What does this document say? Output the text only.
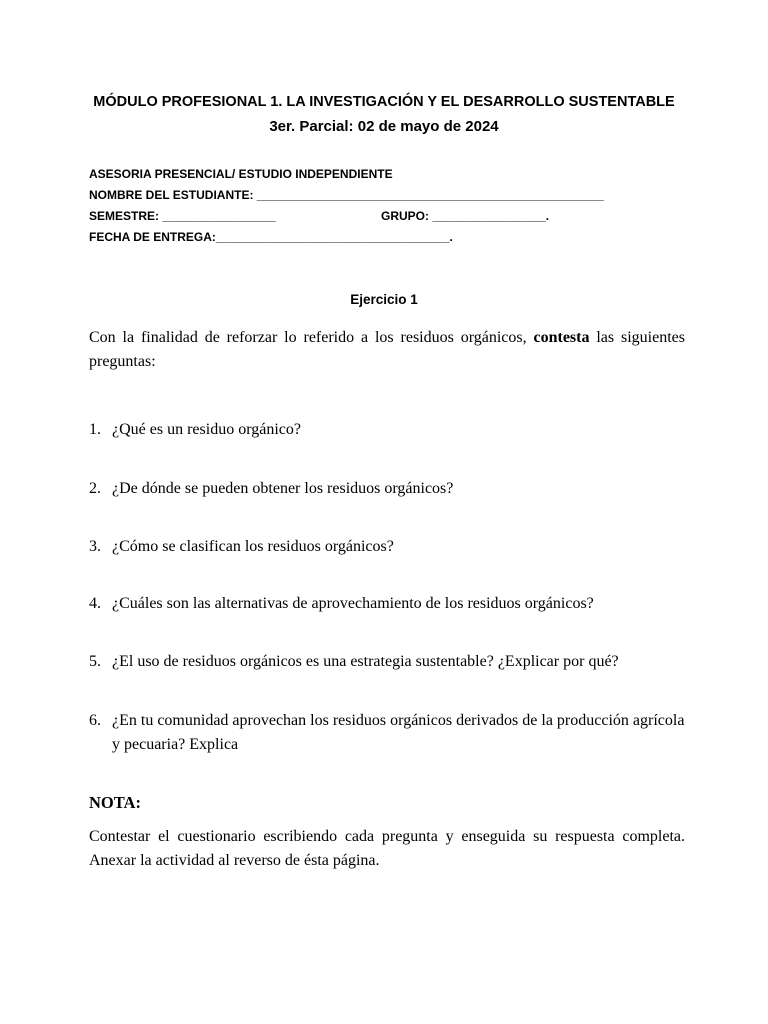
MÓDULO PROFESIONAL 1. LA INVESTIGACIÓN Y EL DESARROLLO SUSTENTABLE
3er. Parcial: 02 de mayo de 2024
ASESORIA PRESENCIAL/ ESTUDIO INDEPENDIENTE
NOMBRE DEL ESTUDIANTE: ____________________________________________________
SEMESTRE: _________________	GRUPO: _________________.
FECHA DE ENTREGA:___________________________________.
Ejercicio 1
Con la finalidad de reforzar lo referido a los residuos orgánicos, contesta las siguientes preguntas:
1. ¿Qué es un residuo orgánico?
2. ¿De dónde se pueden obtener los residuos orgánicos?
3. ¿Cómo se clasifican los residuos orgánicos?
4. ¿Cuáles son las alternativas de aprovechamiento de los residuos orgánicos?
5. ¿El uso de residuos orgánicos es una estrategia sustentable? ¿Explicar por qué?
6. ¿En tu comunidad aprovechan los residuos orgánicos derivados de la producción agrícola y pecuaria? Explica
NOTA:
Contestar el cuestionario escribiendo cada pregunta y enseguida su respuesta completa. Anexar la actividad al reverso de ésta página.
